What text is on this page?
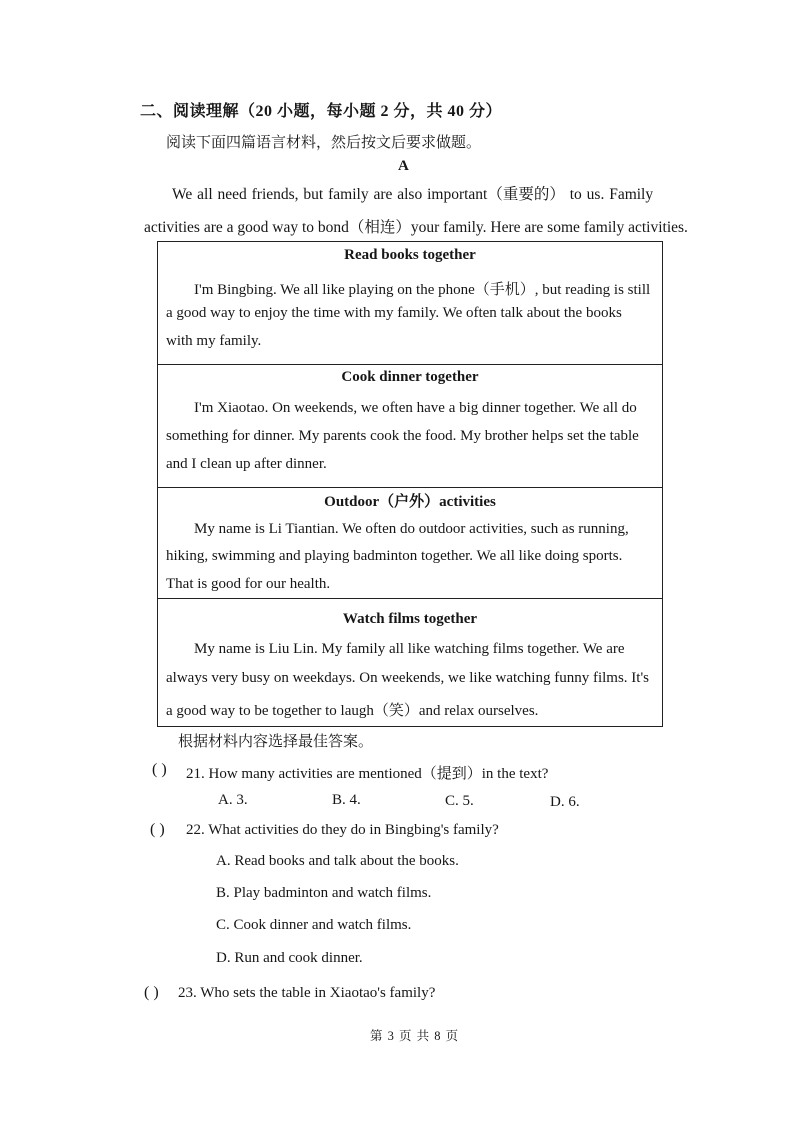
二、阅读理解（20 小题，每小题 2 分，共 40 分）
阅读下面四篇语言材料，然后按文后要求做题。
A
We all need friends, but family are also important（重要的） to us. Family
activities are a good way to bond（相连）your family. Here are some family activities.
Read books together
I'm Bingbing. We all like playing on the phone（手机）, but reading is still
a good way to enjoy the time with my family. We often talk about the books
with my family.
Cook dinner together
I'm Xiaotao. On weekends, we often have a big dinner together. We all do
something for dinner. My parents cook the food. My brother helps set the table
and I clean up after dinner.
Outdoor（户外）activities
My name is Li Tiantian. We often do outdoor activities, such as running,
hiking, swimming and playing badminton together. We all like doing sports.
That is good for our health.
Watch films together
My name is Liu Lin. My family all like watching films together. We are
always very busy on weekdays. On weekends, we like watching funny films. It's
a good way to be together to laugh（笑）and relax ourselves.
根据材料内容选择最佳答案。
( ) 21. How many activities are mentioned（提到）in the text?
A. 3.	B. 4.	C. 5.	D. 6.
( ) 22. What activities do they do in Bingbing's family?
A. Read books and talk about the books.
B. Play badminton and watch films.
C. Cook dinner and watch films.
D. Run and cook dinner.
( ) 23. Who sets the table in Xiaotao's family?
第 3 页 共 8 页
